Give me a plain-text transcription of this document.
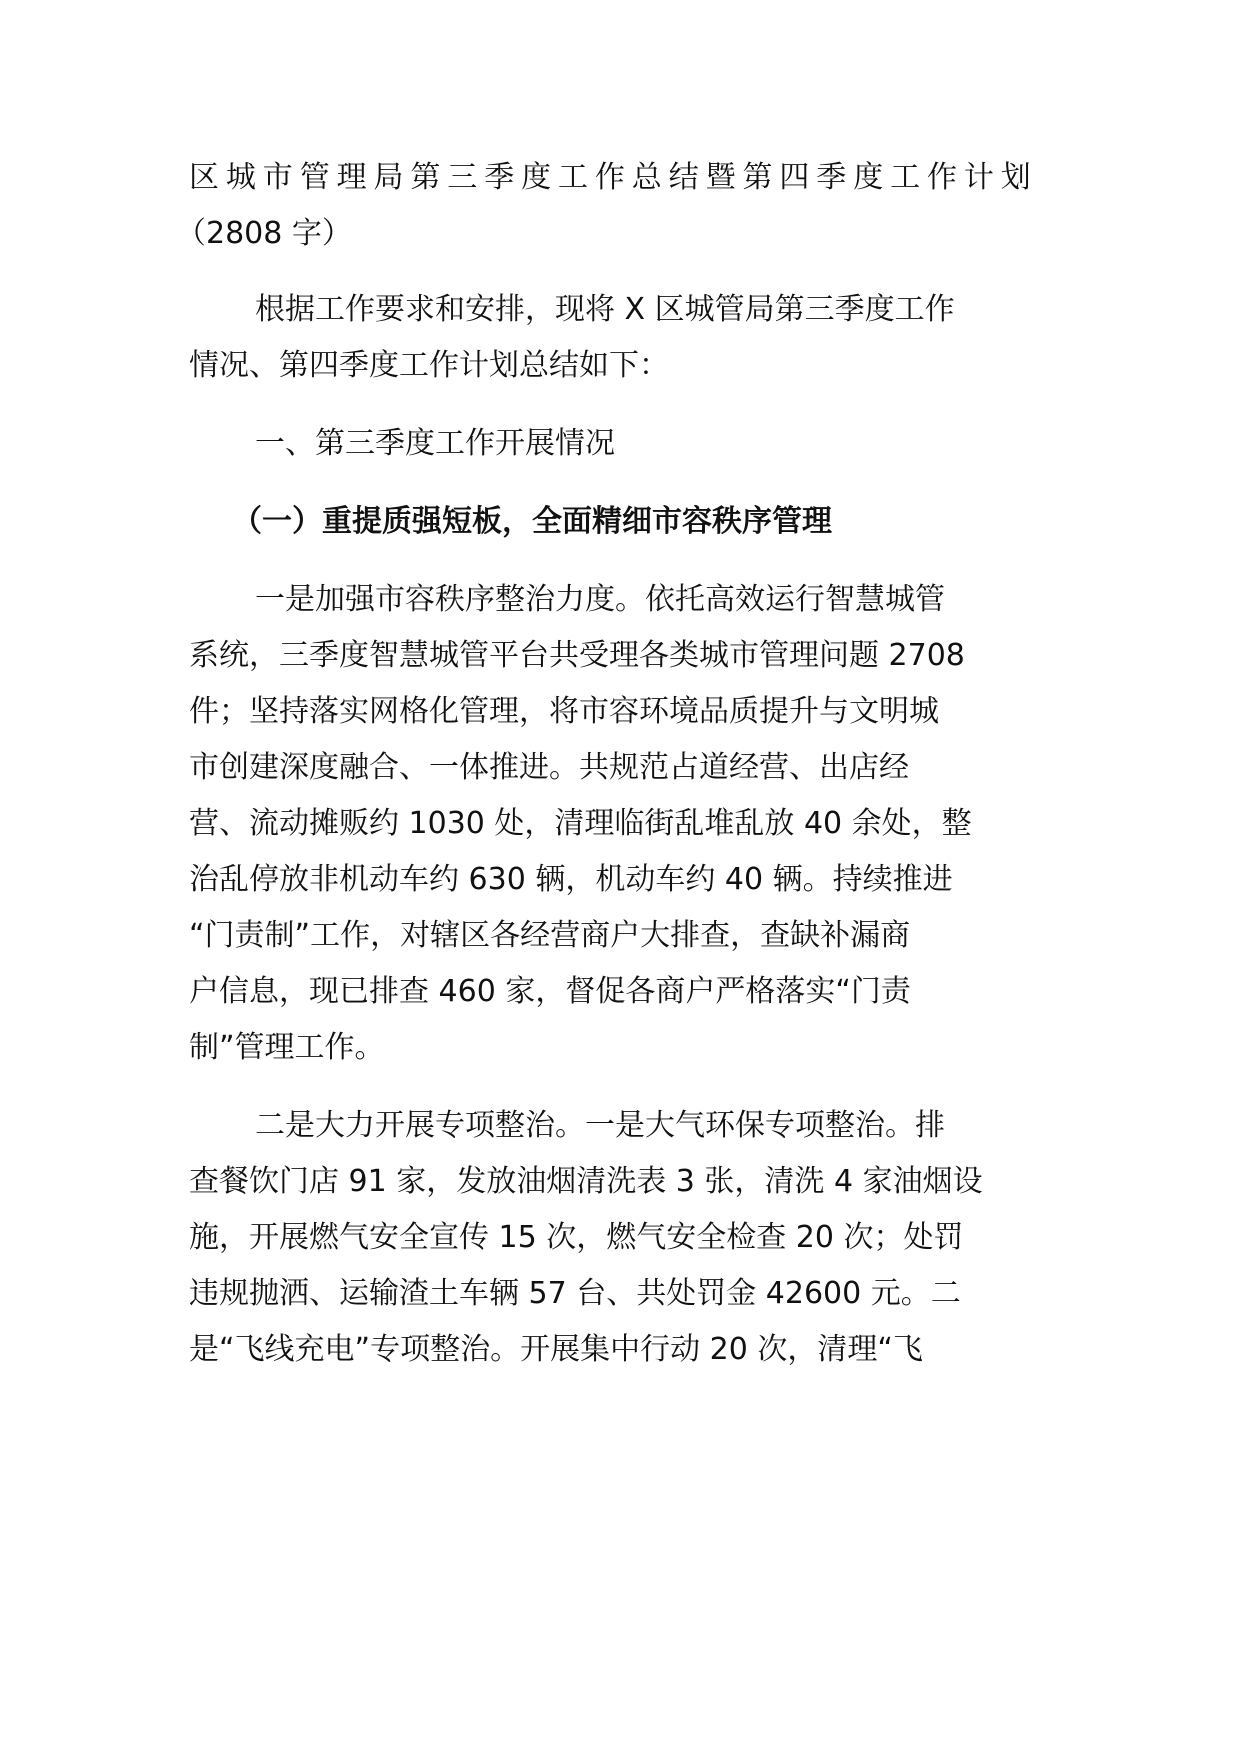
区城市管理局第三季度工作总结暨第四季度工作计划

（2808 字）

根据工作要求和安排，现将 X 区城管局第三季度工作

情况、第四季度工作计划总结如下：

一、第三季度工作开展情况

（一）重提质强短板，全面精细市容秩序管理

一是加强市容秩序整治力度。依托高效运行智慧城管

系统，三季度智慧城管平台共受理各类城市管理问题 2708

件；坚持落实网格化管理，将市容环境品质提升与文明城

市创建深度融合、一体推进。共规范占道经营、出店经

营、流动摊贩约 1030 处，清理临街乱堆乱放 40 余处，整

治乱停放非机动车约 630 辆，机动车约 40 辆。持续推进

“门责制”工作，对辖区各经营商户大排查，查缺补漏商

户信息，现已排查 460 家，督促各商户严格落实“门责

制”管理工作。

二是大力开展专项整治。一是大气环保专项整治。排

查餐饮门店 91 家，发放油烟清洗表 3 张，清洗 4 家油烟设

施，开展燃气安全宣传 15 次，燃气安全检查 20 次；处罚

违规抛洒、运输渣土车辆 57 台、共处罚金 42600 元。二

是“飞线充电”专项整治。开展集中行动 20 次，清理“飞
